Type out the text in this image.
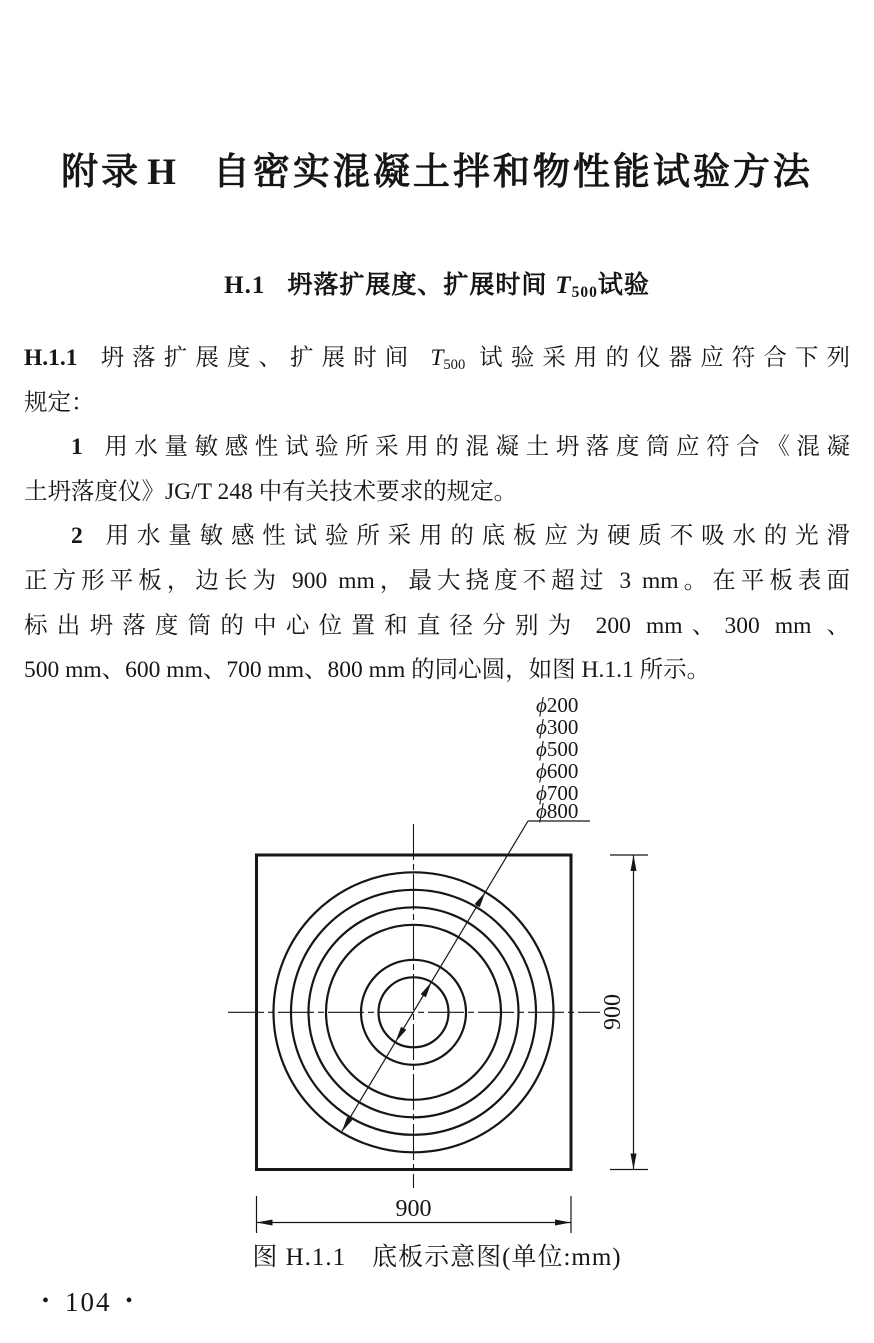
附录 H 自密实混凝土拌和物性能试验方法
H.1 坍落扩展度、扩展时间 $T_{500}$试验
H.1.1 坍落扩展度、扩展时间 $T_{500}$ 试验采用的仪器应符合下列
规定：
1 用水量敏感性试验所采用的混凝土坍落度筒应符合《混凝
土坍落度仪》JG/T 248 中有关技术要求的规定。
2 用水量敏感性试验所采用的底板应为硬质不吸水的光滑
正方形平板，边长为 900 mm，最大挠度不超过 3 mm。在平板表面
标出坍落度筒的中心位置和直径分别为 200 mm、300 mm 、
500 mm、600 mm、700 mm、800 mm 的同心圆，如图 H.1.1 所示。
ϕ200
ϕ300
ϕ500
ϕ600
ϕ700
ϕ800
900
900
图 H.1.1　底板示意图(单位:mm)
• 104 •
